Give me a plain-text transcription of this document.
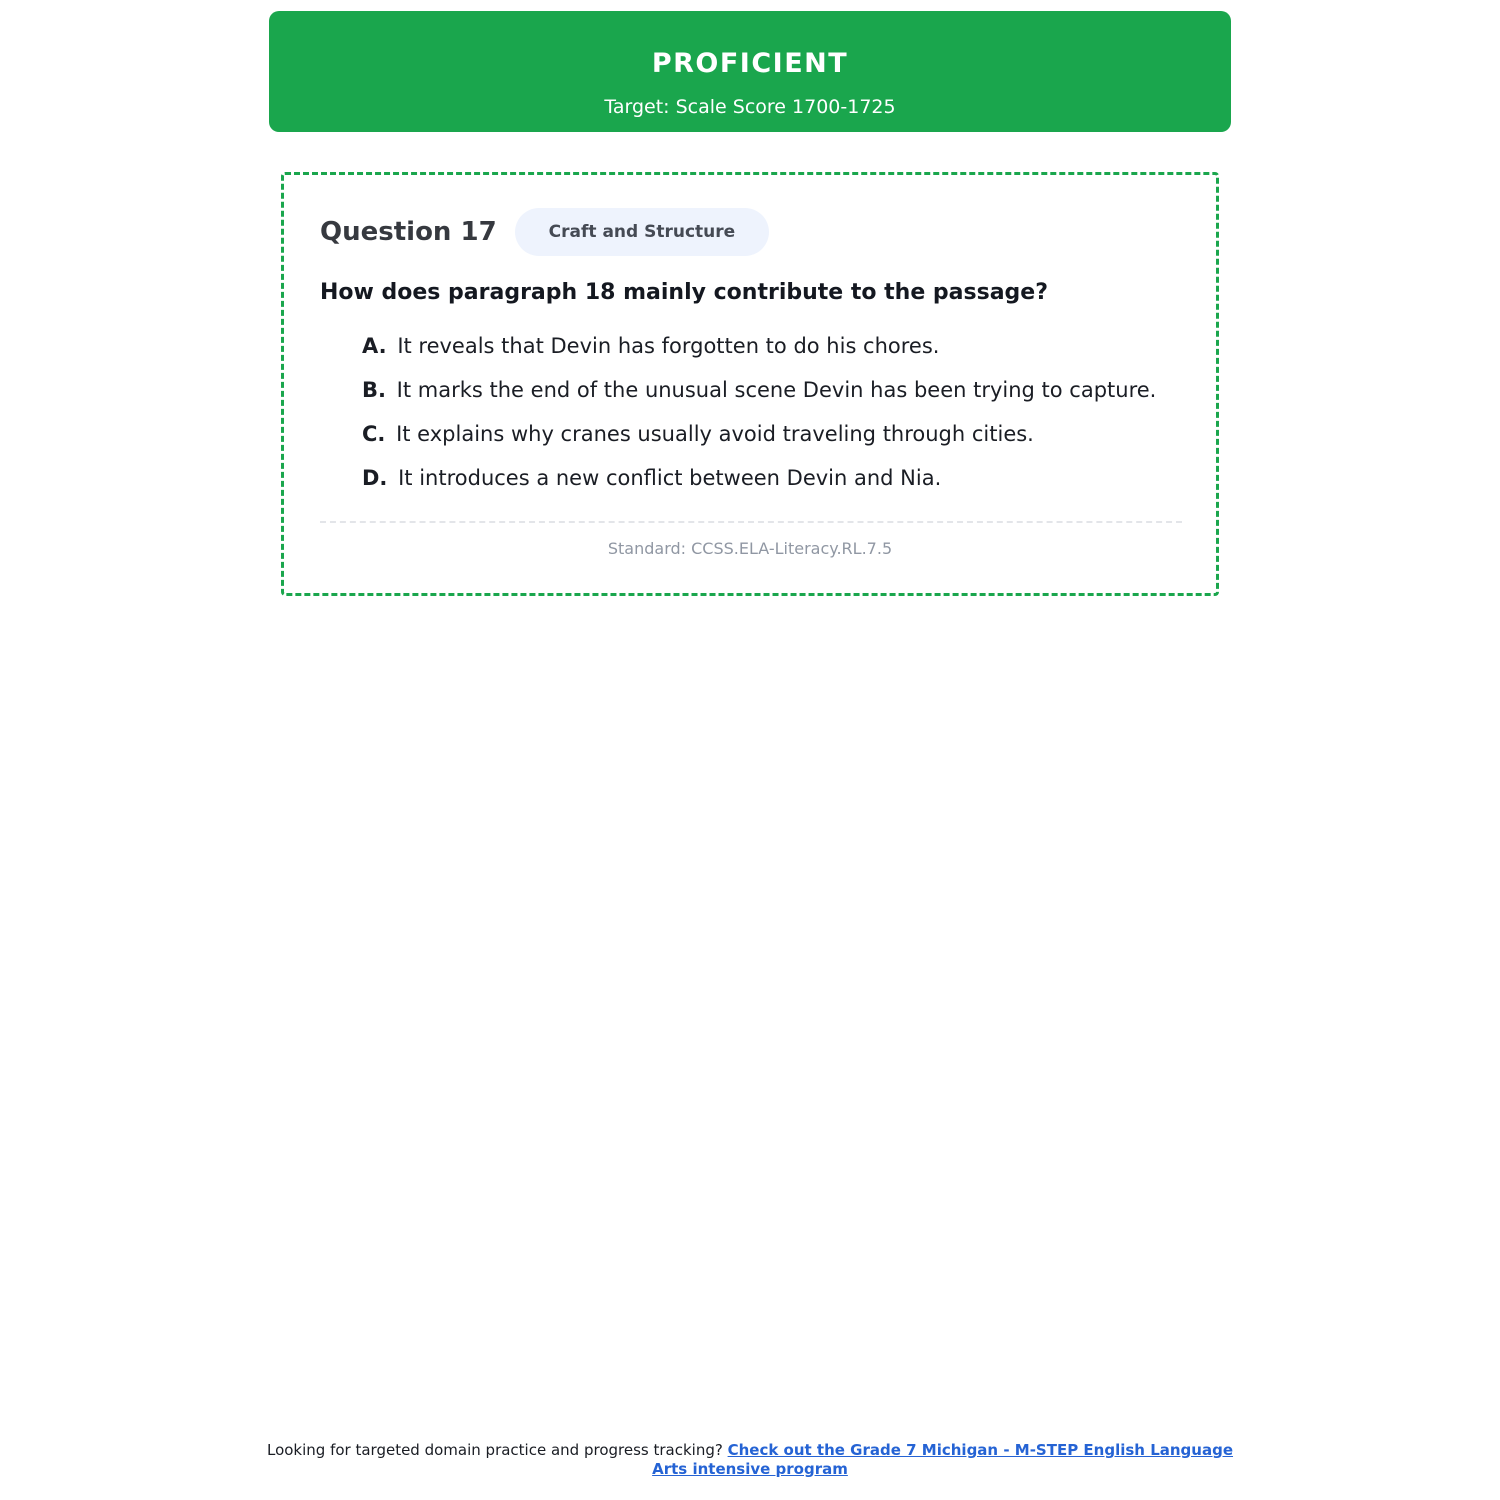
PROFICIENT
Target: Scale Score 1700-1725
Question 17	Craft and Structure
How does paragraph 18 mainly contribute to the passage?
A. It reveals that Devin has forgotten to do his chores.
B. It marks the end of the unusual scene Devin has been trying to capture.
C. It explains why cranes usually avoid traveling through cities.
D. It introduces a new conflict between Devin and Nia.
Standard: CCSS.ELA-Literacy.RL.7.5
Looking for targeted domain practice and progress tracking? Check out the Grade 7 Michigan - M-STEP English Language Arts intensive program
